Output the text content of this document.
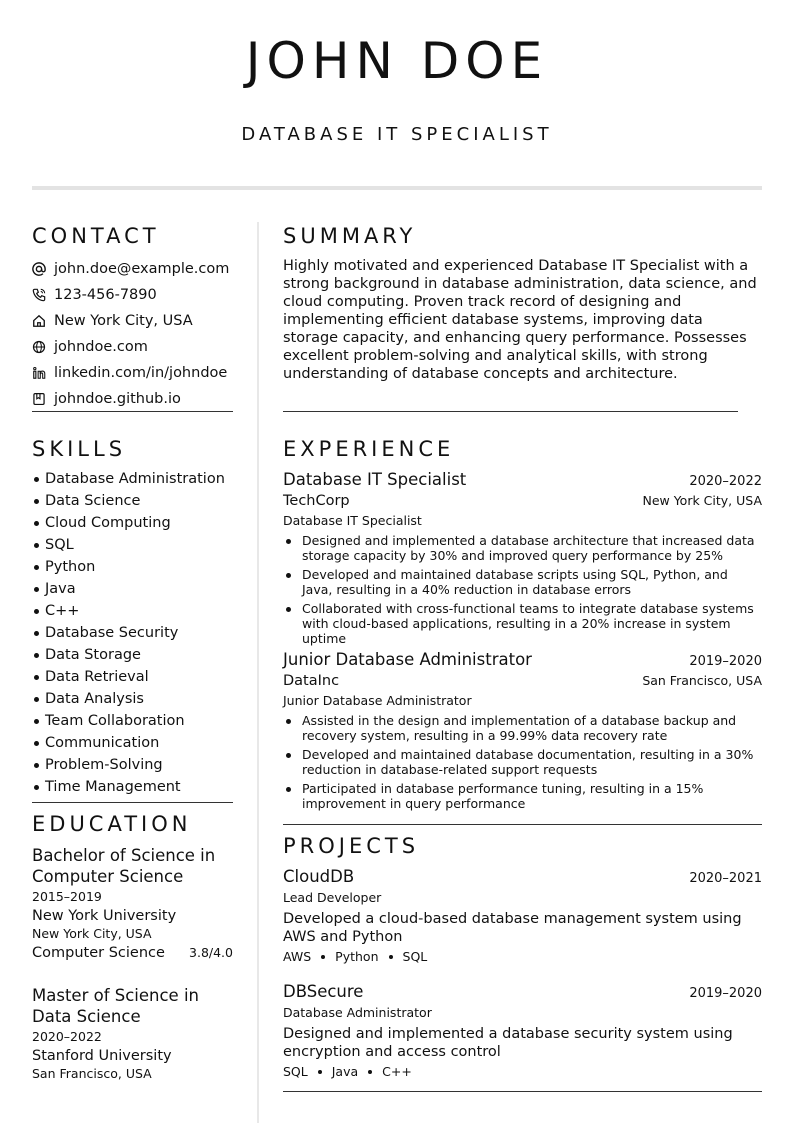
JOHN DOE
DATABASE IT SPECIALIST
CONTACT
john.doe@example.com
123-456-7890
New York City, USA
johndoe.com
linkedin.com/in/johndoe
johndoe.github.io
SKILLS
Database Administration
Data Science
Cloud Computing
SQL
Python
Java
C++
Database Security
Data Storage
Data Retrieval
Data Analysis
Team Collaboration
Communication
Problem-Solving
Time Management
EDUCATION
Bachelor of Science in Computer Science
2015–2019
New York University
New York City, USA
Computer Science 3.8/4.0
Master of Science in Data Science
2020–2022
Stanford University
San Francisco, USA
SUMMARY

Highly motivated and experienced Database IT Specialist with a strong background in database administration, data science, and cloud computing. Proven track record of designing and implementing efficient database systems, improving data storage capacity, and enhancing query performance. Possesses excellent problem-solving and analytical skills, with strong understanding of database concepts and architecture.

EXPERIENCE
Database IT Specialist	2020–2022
TechCorp	New York City, USA
Database IT Specialist
Designed and implemented a database architecture that increased data storage capacity by 30% and improved query performance by 25%
Developed and maintained database scripts using SQL, Python, and Java, resulting in a 40% reduction in database errors
Collaborated with cross-functional teams to integrate database systems with cloud-based applications, resulting in a 20% increase in system uptime
Junior Database Administrator	2019–2020
DataInc	San Francisco, USA
Junior Database Administrator
Assisted in the design and implementation of a database backup and recovery system, resulting in a 99.99% data recovery rate
Developed and maintained database documentation, resulting in a 30% reduction in database-related support requests
Participated in database performance tuning, resulting in a 15% improvement in query performance
PROJECTS
CloudDB	2020–2021
Lead Developer
Developed a cloud-based database management system using AWS and Python
AWS Python SQL
DBSecure	2019–2020
Database Administrator
Designed and implemented a database security system using encryption and access control
SQL Java C++
